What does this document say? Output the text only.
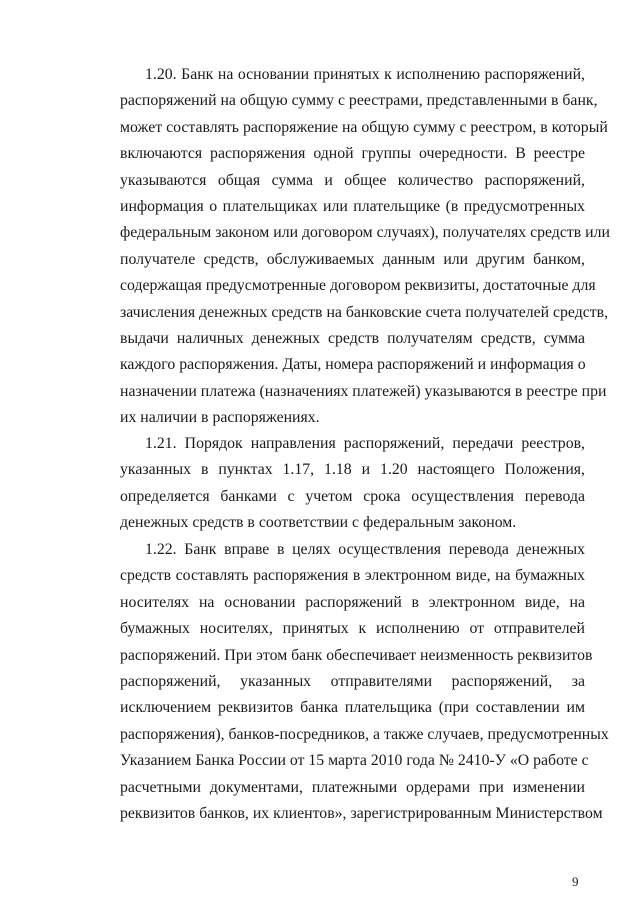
1.20. Банк на основании принятых к исполнению распоряжений,
распоряжений на общую сумму с реестрами, представленными в банк,
может составлять распоряжение на общую сумму с реестром, в который
включаются распоряжения одной группы очередности. В реестре
указываются общая сумма и общее количество распоряжений,
информация о плательщиках или плательщике (в предусмотренных
федеральным законом или договором случаях), получателях средств или
получателе средств, обслуживаемых данным или другим банком,
содержащая предусмотренные договором реквизиты, достаточные для
зачисления денежных средств на банковские счета получателей средств,
выдачи наличных денежных средств получателям средств, сумма
каждого распоряжения. Даты, номера распоряжений и информация о
назначении платежа (назначениях платежей) указываются в реестре при
их наличии в распоряжениях.
1.21. Порядок направления распоряжений, передачи реестров,
указанных в пунктах 1.17, 1.18 и 1.20 настоящего Положения,
определяется банками с учетом срока осуществления перевода
денежных средств в соответствии с федеральным законом.
1.22. Банк вправе в целях осуществления перевода денежных
средств составлять распоряжения в электронном виде, на бумажных
носителях на основании распоряжений в электронном виде, на
бумажных носителях, принятых к исполнению от отправителей
распоряжений. При этом банк обеспечивает неизменность реквизитов
распоряжений, указанных отправителями распоряжений, за
исключением реквизитов банка плательщика (при составлении им
распоряжения), банков-посредников, а также случаев, предусмотренных
Указанием Банка России от 15 марта 2010 года № 2410-У «О работе с
расчетными документами, платежными ордерами при изменении
реквизитов банков, их клиентов», зарегистрированным Министерством
9
